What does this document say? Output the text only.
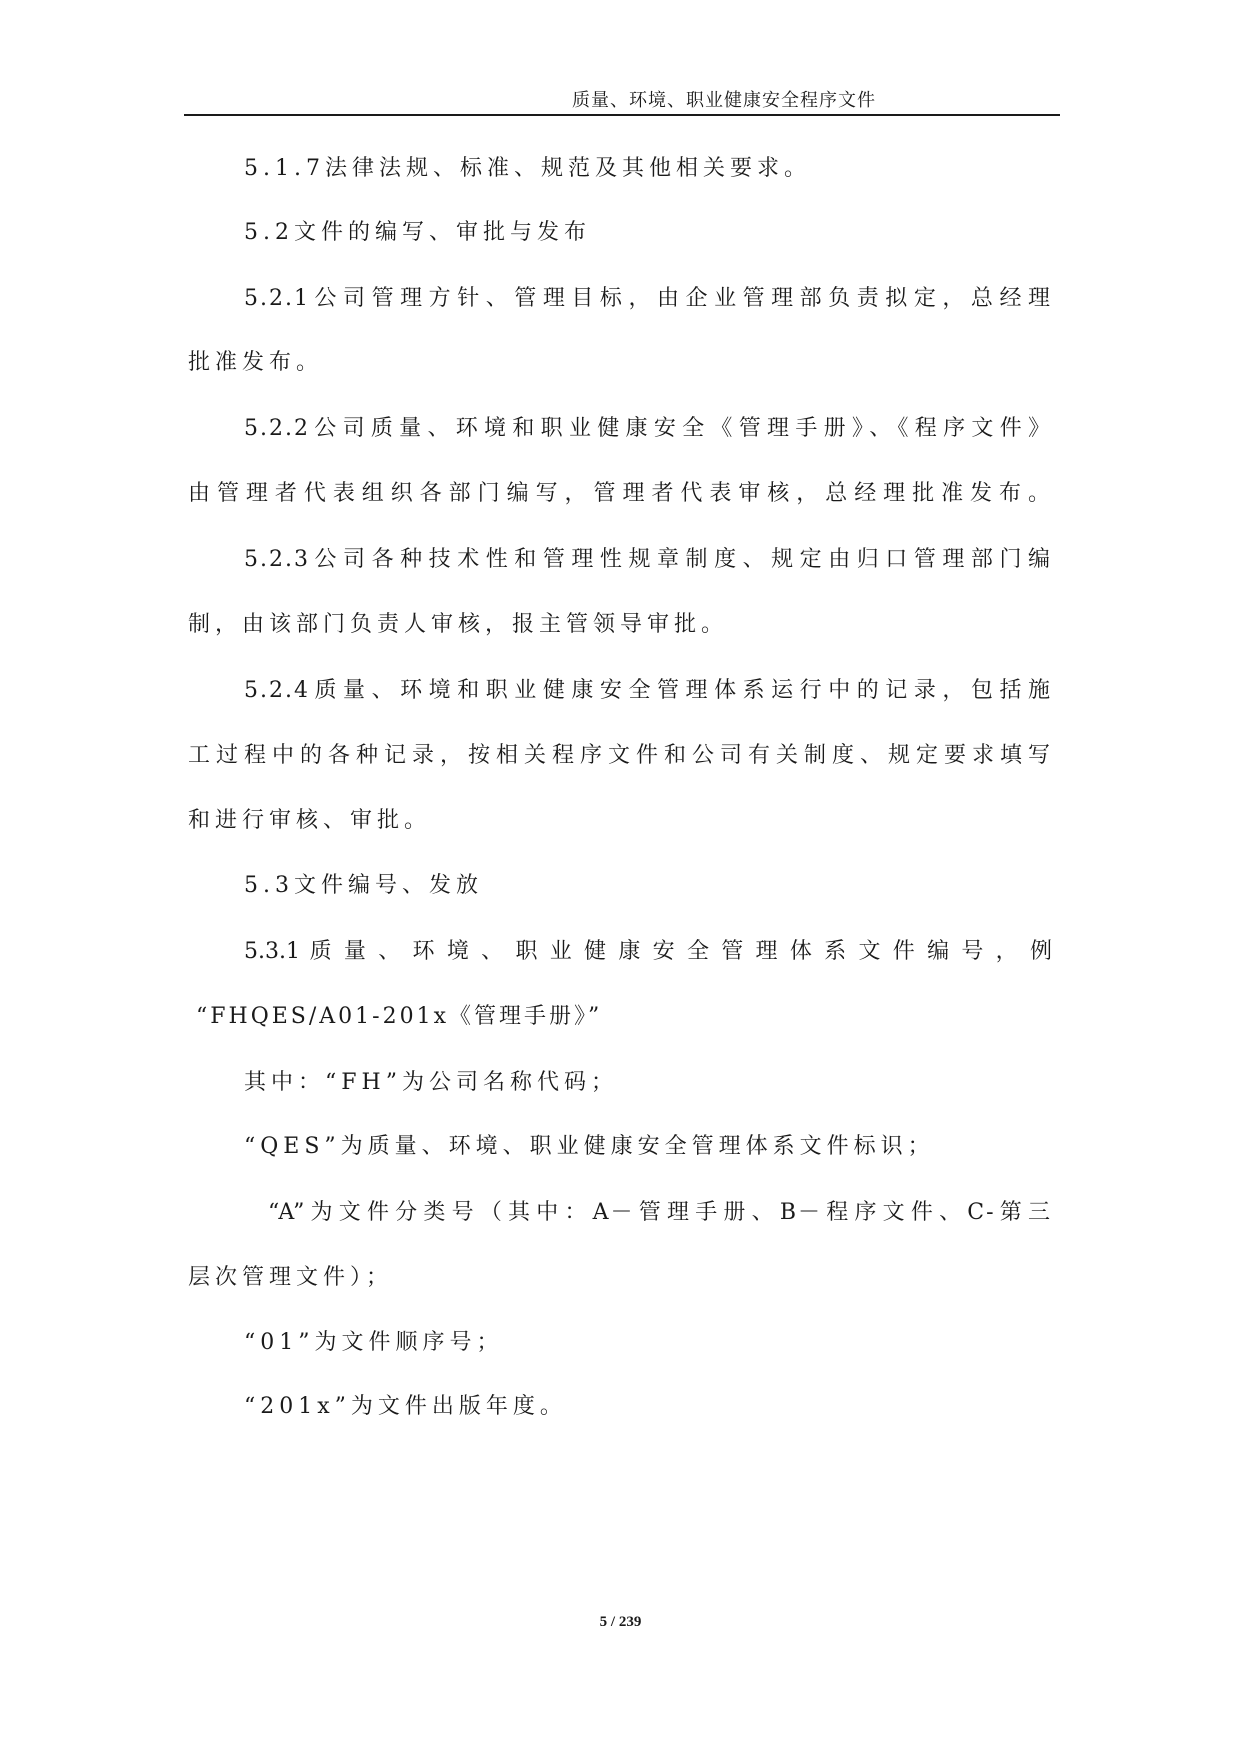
质量、环境、职业健康安全程序文件
5.1.7法律法规、标准、规范及其他相关要求。
5.2文件的编写、审批与发布
5.2.1公司管理方针、管理目标，由企业管理部负责拟定，总经理
批准发布。
5.2.2公司质量、环境和职业健康安全《管理手册》、《程序文件》
由管理者代表组织各部门编写，管理者代表审核，总经理批准发布。
5.2.3公司各种技术性和管理性规章制度、规定由归口管理部门编
制，由该部门负责人审核，报主管领导审批。
5.2.4质量、环境和职业健康安全管理体系运行中的记录，包括施
工过程中的各种记录，按相关程序文件和公司有关制度、规定要求填写
和进行审核、审批。
5.3文件编号、发放
5.3.1 质 量 、 环 境 、 职 业 健 康 安 全 管 理 体 系 文 件 编 号 ， 例
“FHQES/A01-201x《管理手册》”
其中：“FH”为公司名称代码；
“QES”为质量、环境、职业健康安全管理体系文件标识；
“A”为文件分类号（其中：A－管理手册、B－程序文件、C-第三
层次管理文件）；
“01”为文件顺序号；
“201x”为文件出版年度。
5 / 239
